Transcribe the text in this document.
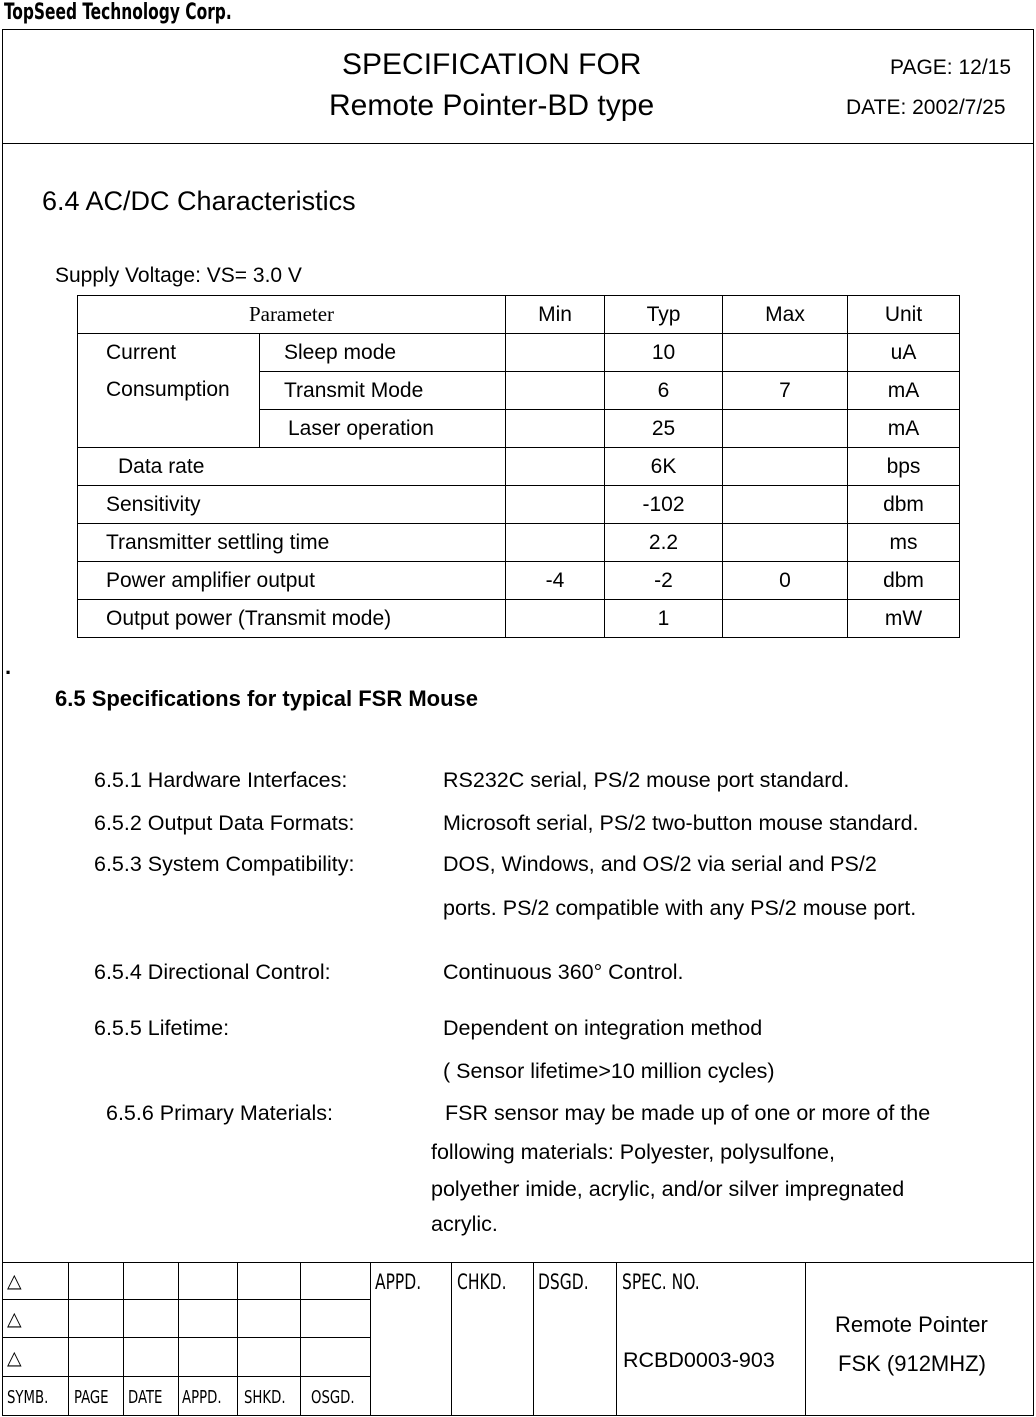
TopSeed Technology Corp.
SPECIFICATION FOR
Remote Pointer-BD type
PAGE: 12/15
DATE: 2002/7/25
6.4 AC/DC Characteristics
Supply Voltage: VS= 3.0 V
Parameter		Min	Typ	Max	Unit

Current
Consumption	Sleep mode		10		uA
	Transmit Mode		6	7	mA
	Laser operation		25		mA
Data rate			6K		bps
Sensitivity			-102		dbm
Transmitter settling time			2.2		ms
Power amplifier output		-4	-2	0	dbm
Output power (Transmit mode)			1		mW
.
6.5 Specifications for typical FSR Mouse
6.5.1 Hardware Interfaces:	RS232C serial, PS/2 mouse port standard.
6.5.2 Output Data Formats:	Microsoft serial, PS/2 two-button mouse standard.
6.5.3 System Compatibility:	DOS, Windows, and OS/2 via serial and PS/2
ports. PS/2 compatible with any PS/2 mouse port.
6.5.4 Directional Control:	Continuous 360° Control.
6.5.5 Lifetime:	Dependent on integration method
( Sensor lifetime>10 million cycles)
6.5.6 Primary Materials:	FSR sensor may be made up of one or more of the
following materials: Polyester, polysulfone,
polyether imide, acrylic, and/or silver impregnated
acrylic.
△
△
△
SYMB. PAGE DATE APPD. SHKD. OSGD.
APPD. CHKD. DSGD. SPEC. NO.
RCBD0003-903
Remote Pointer
FSK (912MHZ)
